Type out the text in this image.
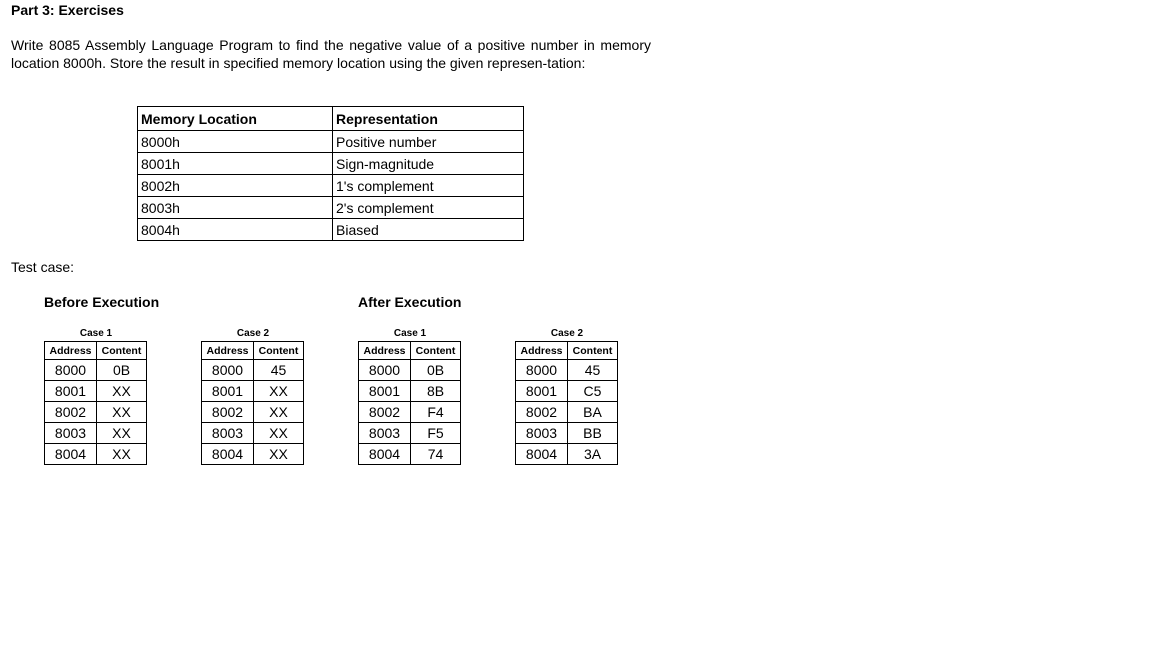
Part 3: Exercises

Write 8085 Assembly Language Program to find the negative value of a positive number in memory location 8000h. Store the result in specified memory location using the given represen-tation:

Memory Location	Representation
8000h	Positive number
8001h	Sign-magnitude
8002h	1's complement
8003h	2's complement
8004h	Biased

Test case:

Before Execution	After Execution

Case 1
Address	Content
8000	0B
8001	XX
8002	XX
8003	XX
8004	XX
Case 2
Address	Content
8000	45
8001	XX
8002	XX
8003	XX
8004	XX
Case 1
Address	Content
8000	0B
8001	8B
8002	F4
8003	F5
8004	74
Case 2
Address	Content
8000	45
8001	C5
8002	BA
8003	BB
8004	3A
